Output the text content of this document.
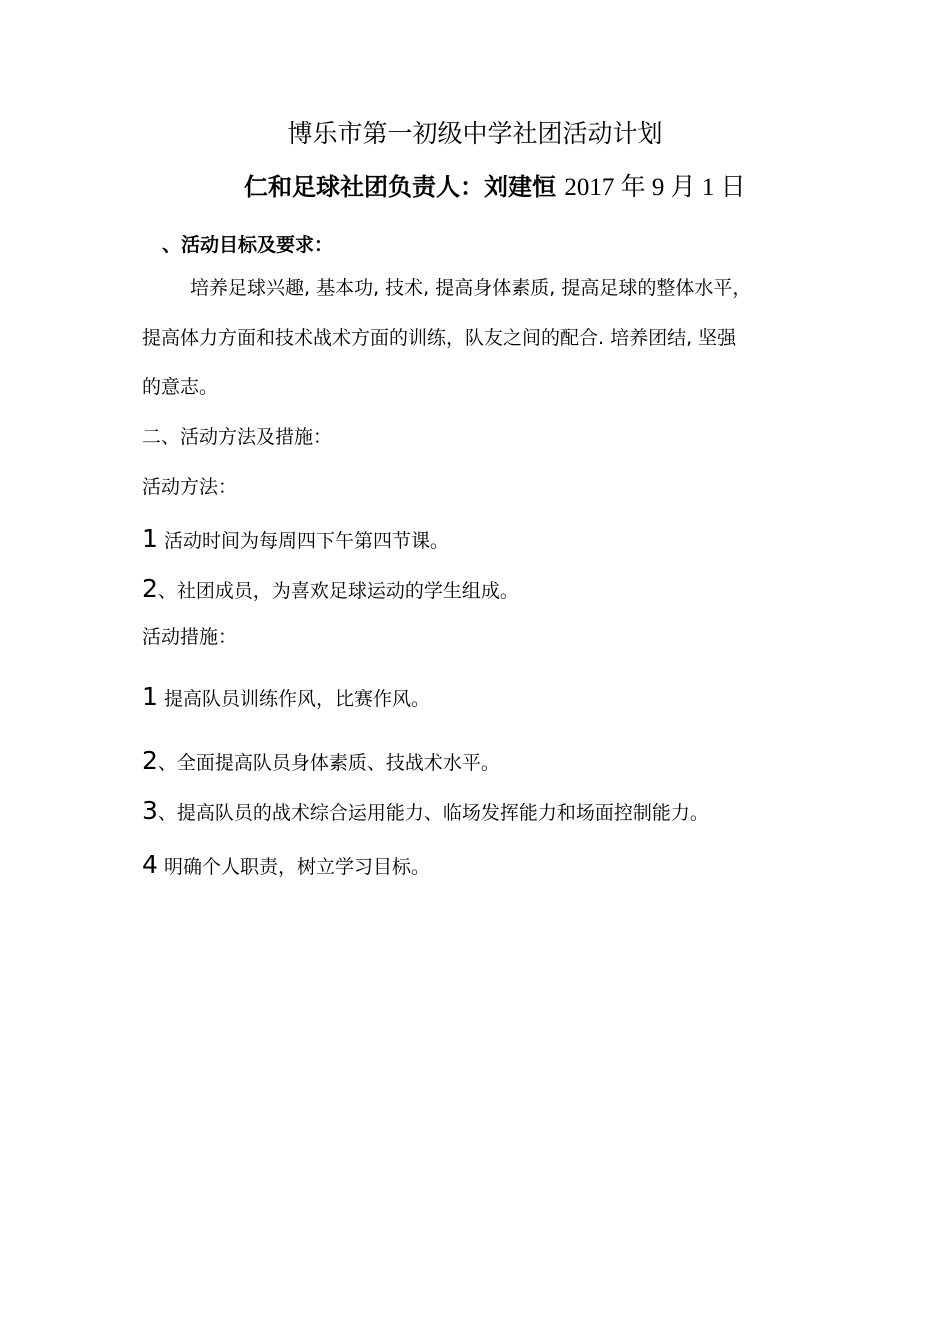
博乐市第一初级中学社团活动计划
仁和足球社团负责人：刘建恒 2017 年 9 月 1 日
、活动目标及要求：
培养足球兴趣, 基本功, 技术, 提高身体素质, 提高足球的整体水平，
提高体力方面和技术战术方面的训练，队友之间的配合. 培养团结, 坚强
的意志。
二、活动方法及措施：
活动方法：
1 活动时间为每周四下午第四节课。
2、社团成员，为喜欢足球运动的学生组成。
活动措施：
1 提高队员训练作风，比赛作风。
2、全面提高队员身体素质、技战术水平。
3、提高队员的战术综合运用能力、临场发挥能力和场面控制能力。
4 明确个人职责，树立学习目标。
